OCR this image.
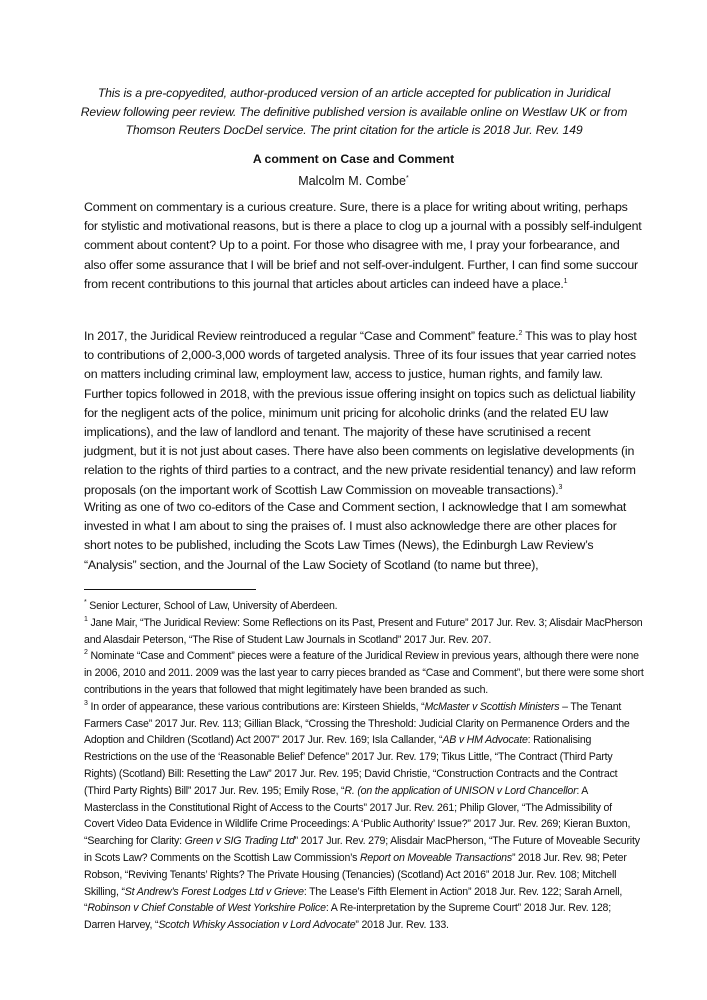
This is a pre-copyedited, author-produced version of an article accepted for publication in Juridical Review following peer review. The definitive published version is available online on Westlaw UK or from Thomson Reuters DocDel service. The print citation for the article is 2018 Jur. Rev. 149
A comment on Case and Comment
Malcolm M. Combe*

Comment on commentary is a curious creature. Sure, there is a place for writing about writing, perhaps for stylistic and motivational reasons, but is there a place to clog up a journal with a possibly self-indulgent comment about content? Up to a point. For those who disagree with me, I pray your forbearance, and also offer some assurance that I will be brief and not self-over-indulgent. Further, I can find some succour from recent contributions to this journal that articles about articles can indeed have a place.$^1$

In 2017, the Juridical Review reintroduced a regular “Case and Comment” feature.$^2$ This was to play host to contributions of 2,000-3,000 words of targeted analysis. Three of its four issues that year carried notes on matters including criminal law, employment law, access to justice, human rights, and family law. Further topics followed in 2018, with the previous issue offering insight on topics such as delictual liability for the negligent acts of the police, minimum unit pricing for alcoholic drinks (and the related EU law implications), and the law of landlord and tenant. The majority of these have scrutinised a recent judgment, but it is not just about cases. There have also been comments on legislative developments (in relation to the rights of third parties to a contract, and the new private residential tenancy) and law reform proposals (on the important work of Scottish Law Commission on moveable transactions).$^3$

Writing as one of two co-editors of the Case and Comment section, I acknowledge that I am somewhat invested in what I am about to sing the praises of. I must also acknowledge there are other places for short notes to be published, including the Scots Law Times (News), the Edinburgh Law Review’s “Analysis” section, and the Journal of the Law Society of Scotland (to name but three),

* Senior Lecturer, School of Law, University of Aberdeen.

$^1$ Jane Mair, “The Juridical Review: Some Reflections on its Past, Present and Future” 2017 Jur. Rev. 3; Alisdair MacPherson and Alasdair Peterson, “The Rise of Student Law Journals in Scotland” 2017 Jur. Rev. 207.

$^2$ Nominate “Case and Comment” pieces were a feature of the Juridical Review in previous years, although there were none in 2006, 2010 and 2011. 2009 was the last year to carry pieces branded as “Case and Comment”, but there were some short contributions in the years that followed that might legitimately have been branded as such.

$^3$ In order of appearance, these various contributions are: Kirsteen Shields, “McMaster v Scottish Ministers – The Tenant Farmers Case” 2017 Jur. Rev. 113; Gillian Black, “Crossing the Threshold: Judicial Clarity on Permanence Orders and the Adoption and Children (Scotland) Act 2007” 2017 Jur. Rev. 169; Isla Callander, “AB v HM Advocate: Rationalising Restrictions on the use of the ‘Reasonable Belief’ Defence” 2017 Jur. Rev. 179; Tikus Little, “The Contract (Third Party Rights) (Scotland) Bill: Resetting the Law” 2017 Jur. Rev. 195; David Christie, “Construction Contracts and the Contract (Third Party Rights) Bill” 2017 Jur. Rev. 195; Emily Rose, “R. (on the application of UNISON v Lord Chancellor: A Masterclass in the Constitutional Right of Access to the Courts” 2017 Jur. Rev. 261; Philip Glover, “The Admissibility of Covert Video Data Evidence in Wildlife Crime Proceedings: A ‘Public Authority’ Issue?” 2017 Jur. Rev. 269; Kieran Buxton, “Searching for Clarity: Green v SIG Trading Ltd” 2017 Jur. Rev. 279; Alisdair MacPherson, “The Future of Moveable Security in Scots Law? Comments on the Scottish Law Commission’s Report on Moveable Transactions” 2018 Jur. Rev. 98; Peter Robson, “Reviving Tenants’ Rights? The Private Housing (Tenancies) (Scotland) Act 2016” 2018 Jur. Rev. 108; Mitchell Skilling, “St Andrew’s Forest Lodges Ltd v Grieve: The Lease’s Fifth Element in Action” 2018 Jur. Rev. 122; Sarah Arnell, “Robinson v Chief Constable of West Yorkshire Police: A Re-interpretation by the Supreme Court” 2018 Jur. Rev. 128; Darren Harvey, “Scotch Whisky Association v Lord Advocate” 2018 Jur. Rev. 133.
